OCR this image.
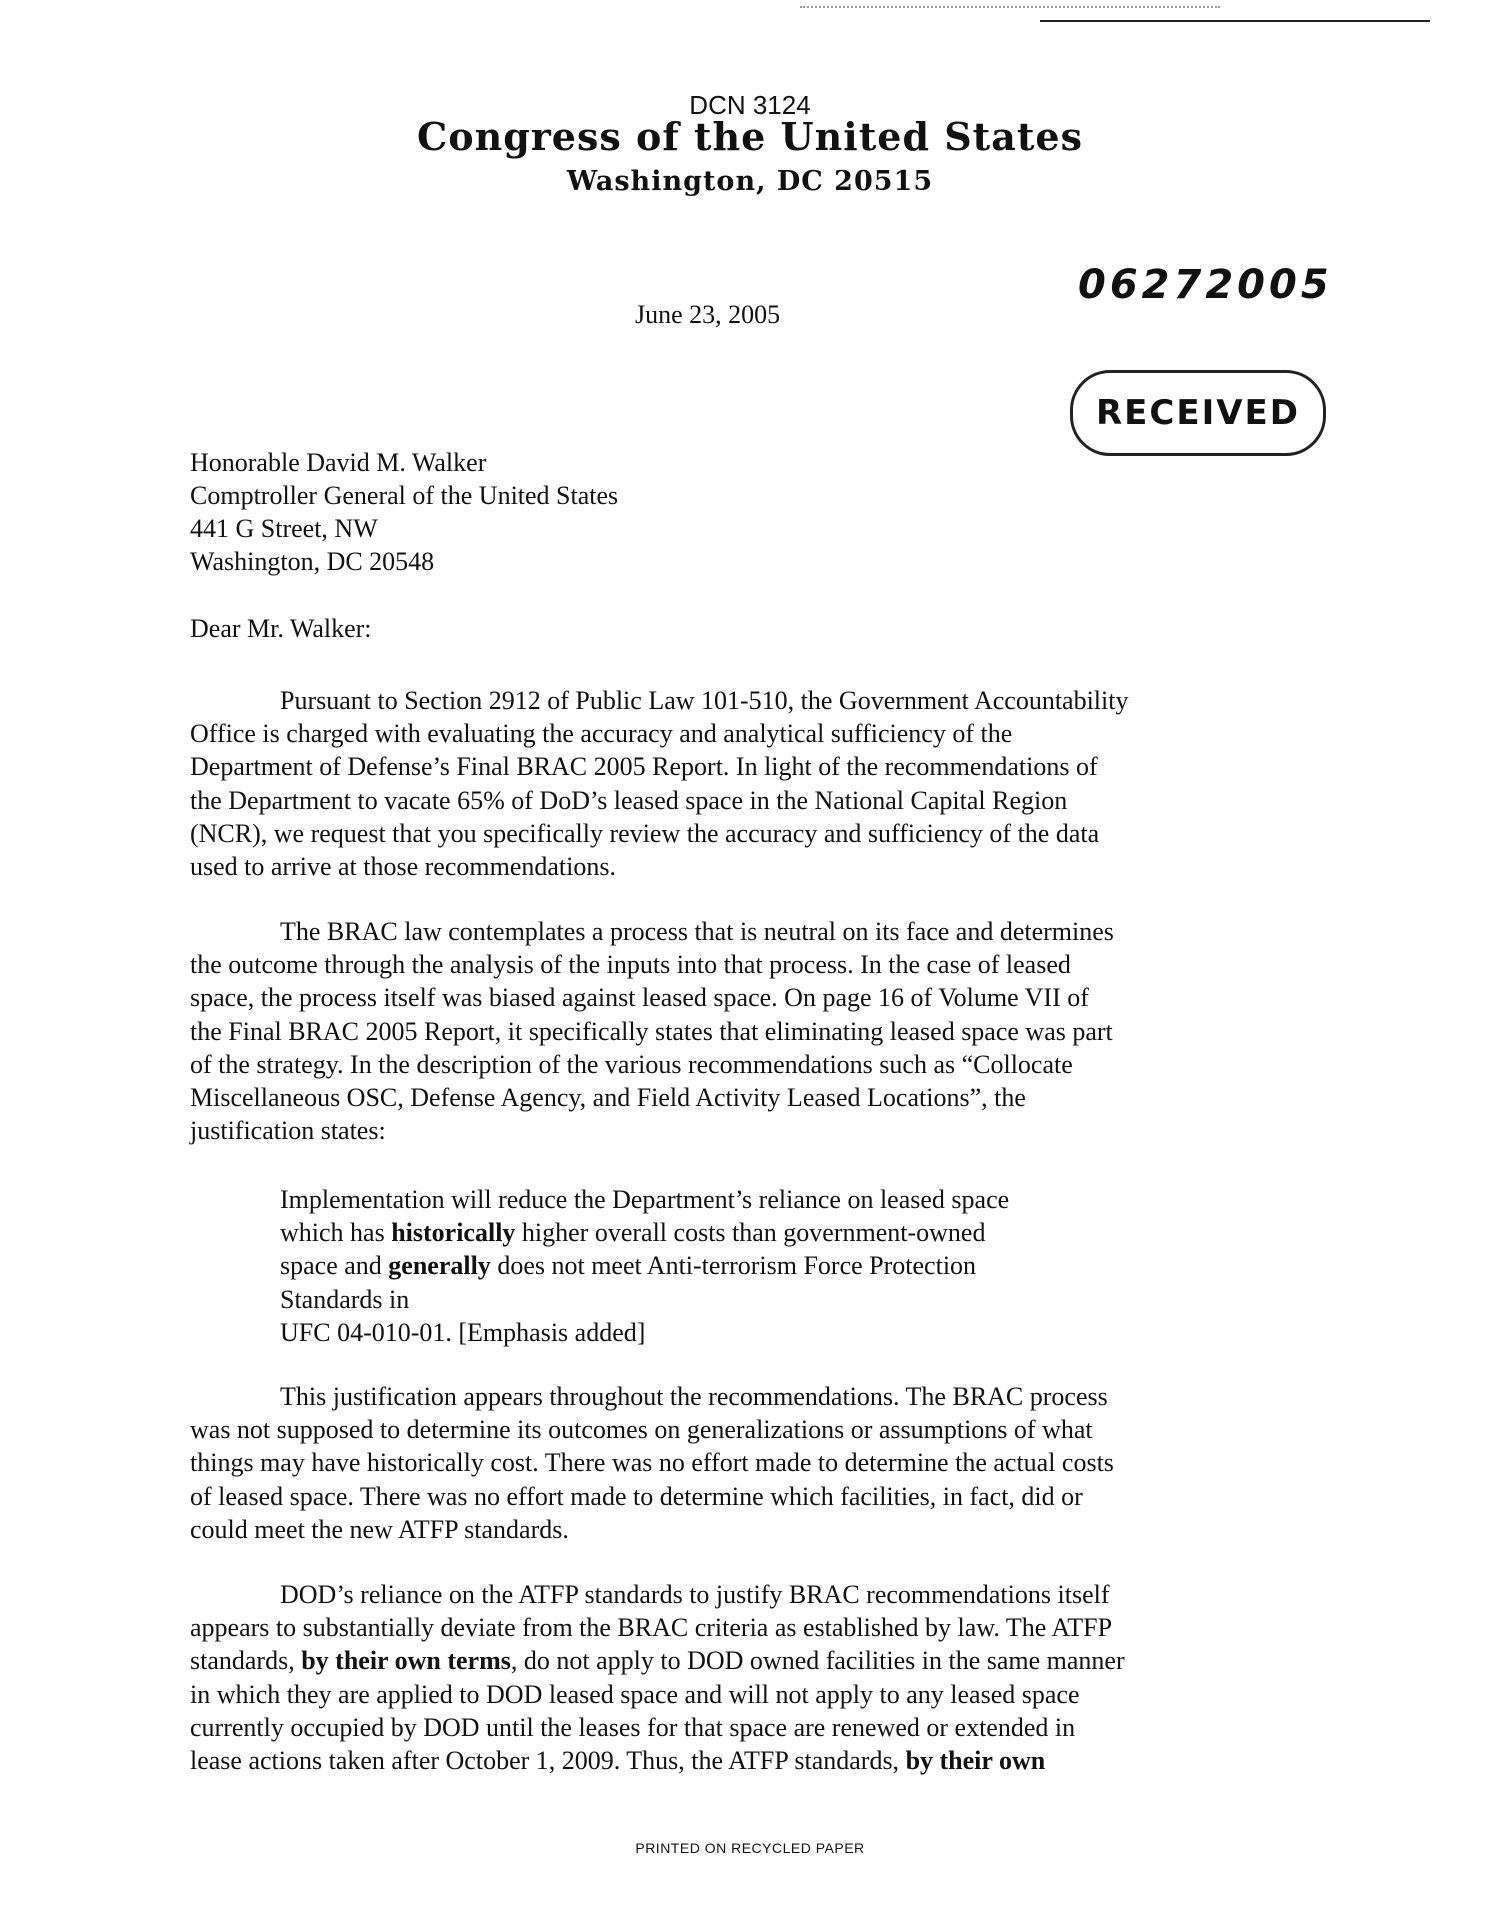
DCN 3124
Congress of the United States
Washington, DC 20515
06272005
RECEIVED
June 23, 2005
Honorable David M. Walker
Comptroller General of the United States
441 G Street, NW
Washington, DC 20548
Dear Mr. Walker:
Pursuant to Section 2912 of Public Law 101-510, the Government Accountability
Office is charged with evaluating the accuracy and analytical sufficiency of the
Department of Defense’s Final BRAC 2005 Report. In light of the recommendations of
the Department to vacate 65% of DoD’s leased space in the National Capital Region
(NCR), we request that you specifically review the accuracy and sufficiency of the data
used to arrive at those recommendations.
The BRAC law contemplates a process that is neutral on its face and determines
the outcome through the analysis of the inputs into that process. In the case of leased
space, the process itself was biased against leased space. On page 16 of Volume VII of
the Final BRAC 2005 Report, it specifically states that eliminating leased space was part
of the strategy. In the description of the various recommendations such as “Collocate
Miscellaneous OSC, Defense Agency, and Field Activity Leased Locations”, the
justification states:
Implementation will reduce the Department’s reliance on leased space
which has historically higher overall costs than government-owned
space and generally does not meet Anti-terrorism Force Protection
Standards in
UFC 04-010-01. [Emphasis added]
This justification appears throughout the recommendations. The BRAC process
was not supposed to determine its outcomes on generalizations or assumptions of what
things may have historically cost. There was no effort made to determine the actual costs
of leased space. There was no effort made to determine which facilities, in fact, did or
could meet the new ATFP standards.
DOD’s reliance on the ATFP standards to justify BRAC recommendations itself
appears to substantially deviate from the BRAC criteria as established by law. The ATFP
standards, by their own terms, do not apply to DOD owned facilities in the same manner
in which they are applied to DOD leased space and will not apply to any leased space
currently occupied by DOD until the leases for that space are renewed or extended in
lease actions taken after October 1, 2009. Thus, the ATFP standards, by their own
PRINTED ON RECYCLED PAPER
